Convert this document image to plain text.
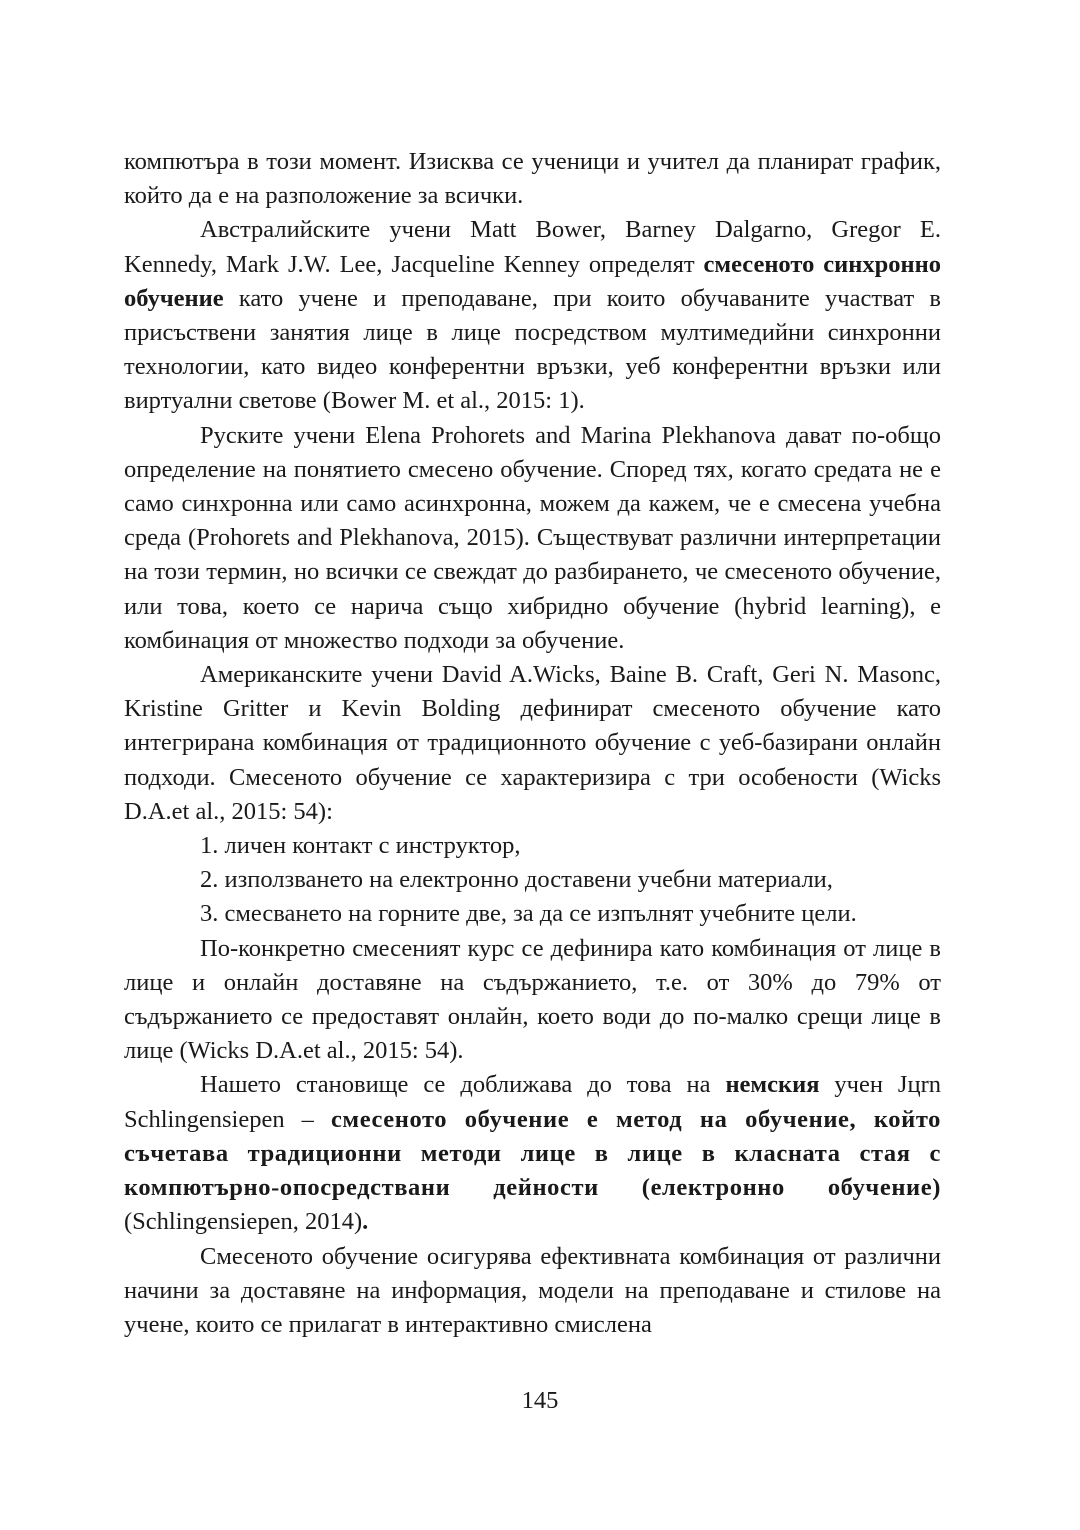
компютъра в този момент. Изисква се ученици и учител да планират график, който да е на разположение за всички.

Австралийските учени Matt Bower, Barney Dalgarno, Gregor E. Kennedy, Mark J.W. Lee, Jacqueline Kenney определят смесеното синхронно обучение като учене и преподаване, при които обучаваните участват в присъствени занятия лице в лице посредством мултимедийни синхронни технологии, като видео конферентни връзки, уеб конферентни връзки или виртуални светове (Bower M. et al., 2015: 1).

Руските учени Elena Prohorets and Marina Plekhanova дават по-общо определение на понятието смесено обучение. Според тях, когато средата не е само синхронна или само асинхронна, можем да кажем, че е смесена учебна среда (Prohorets and Plekhanova, 2015). Съществуват различни интерпретации на този термин, но всички се свеждат до разбирането, че смесеното обучение, или това, което се нарича също хибридно обучение (hybrid learning), е комбинация от множество подходи за обучение.

Американските учени David A.Wicks, Baine B. Craft, Geri N. Masonc, Kristine Gritter и Kevin Bolding дефинират смесеното обучение като интегрирана комбинация от традиционното обучение с уеб-базирани онлайн подходи. Смесеното обучение се характеризира с три особености (Wicks D.A.et al., 2015: 54):

1. личен контакт с инструктор,

2. използването на електронно доставени учебни материали,

3. смесването на горните две, за да се изпълнят учебните цели.

По-конкретно смесеният курс се дефинира като комбинация от лице в лице и онлайн доставяне на съдържанието, т.е. от 30% до 79% от съдържанието се предоставят онлайн, което води до по-малко срещи лице в лице (Wicks D.A.et al., 2015: 54).

Нашето становище се доближава до това на немския учен Jцrn Schlingensiepen – смесеното обучение е метод на обучение, който съчетава традиционни методи лице в лице в класната стая с компютърно-опосредствани дейности (електронно обучение) (Schlingensiepen, 2014).

Смесеното обучение осигурява ефективната комбинация от различни начини за доставяне на информация, модели на преподаване и стилове на учене, които се прилагат в интерактивно смислена

145
